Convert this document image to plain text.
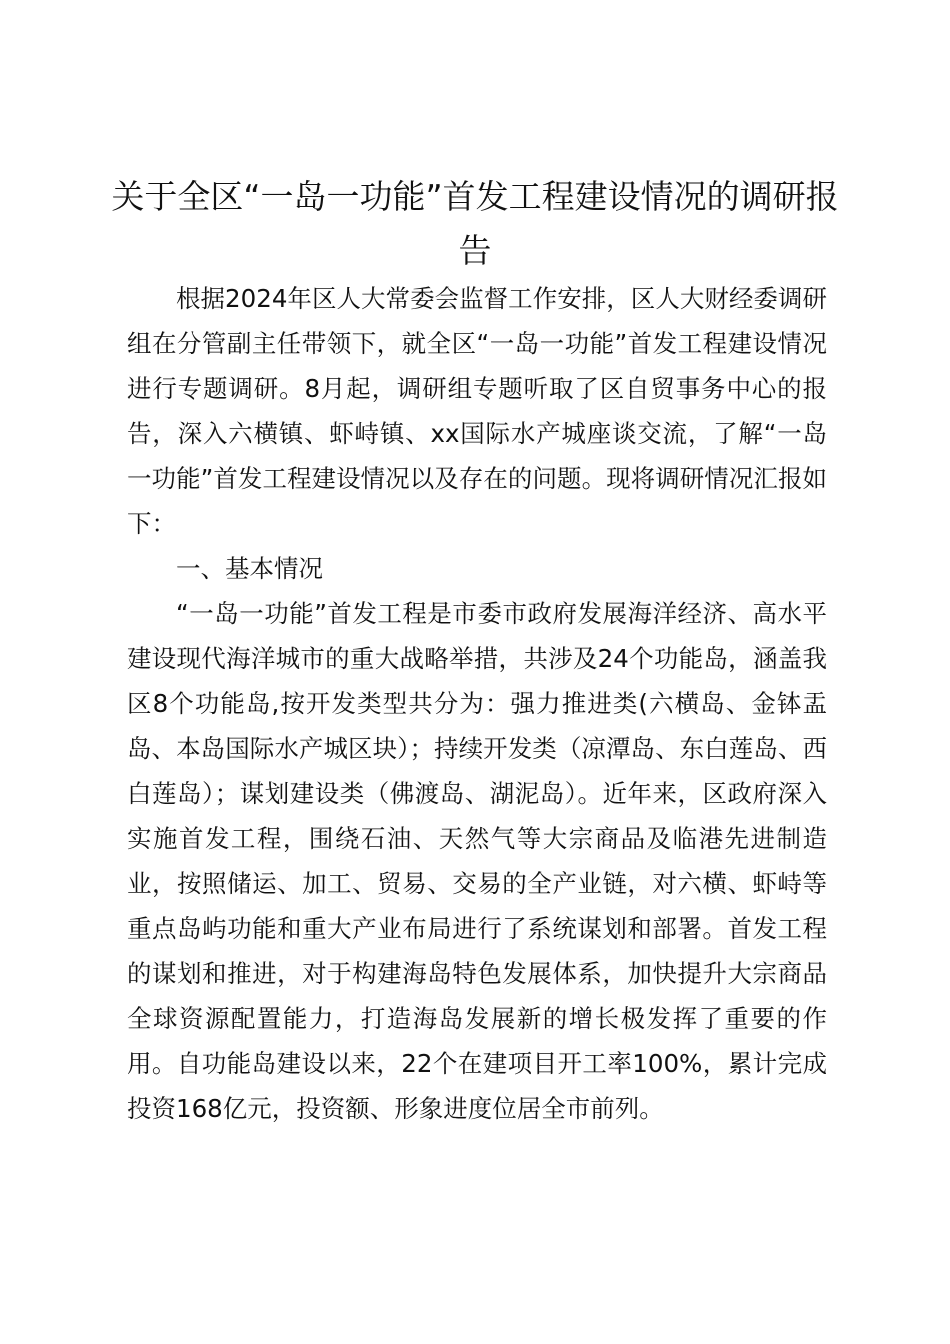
关于全区“一岛一功能”首发工程建设情况的调研报告

根据2024年区人大常委会监督工作安排，区人大财经委调研组在分管副主任带领下，就全区“一岛一功能”首发工程建设情况进行专题调研。8月起，调研组专题听取了区自贸事务中心的报告，深入六横镇、虾峙镇、xx国际水产城座谈交流，了解“一岛一功能”首发工程建设情况以及存在的问题。现将调研情况汇报如下：

一、基本情况

“一岛一功能”首发工程是市委市政府发展海洋经济、高水平建设现代海洋城市的重大战略举措，共涉及24个功能岛，涵盖我区8个功能岛,按开发类型共分为：强力推进类(六横岛、金钵盂岛、本岛国际水产城区块）；持续开发类（凉潭岛、东白莲岛、西白莲岛）；谋划建设类（佛渡岛、湖泥岛）。近年来，区政府深入实施首发工程，围绕石油、天然气等大宗商品及临港先进制造业，按照储运、加工、贸易、交易的全产业链，对六横、虾峙等重点岛屿功能和重大产业布局进行了系统谋划和部署。首发工程的谋划和推进，对于构建海岛特色发展体系，加快提升大宗商品全球资源配置能力，打造海岛发展新的增长极发挥了重要的作用。自功能岛建设以来，22个在建项目开工率100%，累计完成投资168亿元，投资额、形象进度位居全市前列。
